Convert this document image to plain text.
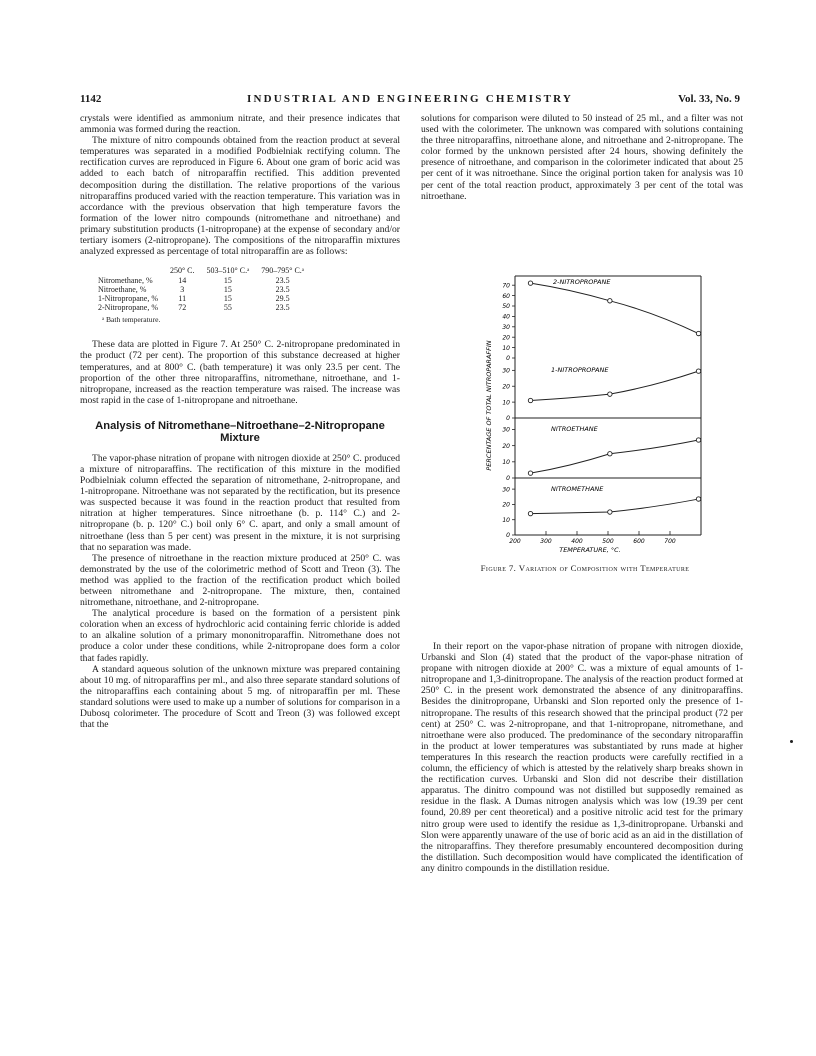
1142	INDUSTRIAL AND ENGINEERING CHEMISTRY	Vol. 33, No. 9

crystals were identified as ammonium nitrate, and their presence indicates that ammonia was formed during the reaction.

The mixture of nitro compounds obtained from the reaction product at several temperatures was separated in a modified Podbielniak rectifying column. The rectification curves are reproduced in Figure 6. About one gram of boric acid was added to each batch of nitroparaffin rectified. This addition prevented decomposition during the distillation. The relative proportions of the various nitroparaffins produced varied with the reaction temperature. This variation was in accordance with the previous observation that high temperature favors the formation of the lower nitro compounds (nitromethane and nitroethane) and primary substitution products (1-nitropropane) at the expense of secondary and/or tertiary isomers (2-nitropropane). The compositions of the nitroparaffin mixtures analyzed expressed as percentage of total nitroparaffin are as follows:

	250° C.	503–510° C.ᵃ	790–795° C.ᵃ
Nitromethane, %	14	15	23.5
Nitroethane, %	3	15	23.5
1-Nitropropane, %	11	15	29.5
2-Nitropropane, %	72	55	23.5
ᵃ Bath temperature.

These data are plotted in Figure 7. At 250° C. 2-nitropropane predominated in the product (72 per cent). The proportion of this substance decreased at higher temperatures, and at 800° C. (bath temperature) it was only 23.5 per cent. The proportion of the other three nitroparaffins, nitromethane, nitroethane, and 1-nitropropane, increased as the reaction temperature was raised. The increase was most rapid in the case of 1-nitropropane and nitroethane.

Analysis of Nitromethane–Nitroethane–2-Nitropropane Mixture

The vapor-phase nitration of propane with nitrogen dioxide at 250° C. produced a mixture of nitroparaffins. The rectification of this mixture in the modified Podbielniak column effected the separation of nitromethane, 2-nitropropane, and 1-nitropropane. Nitroethane was not separated by the rectification, but its presence was suspected because it was found in the reaction product that resulted from nitration at higher temperatures. Since nitroethane (b. p. 114° C.) and 2-nitropropane (b. p. 120° C.) boil only 6° C. apart, and only a small amount of nitroethane (less than 5 per cent) was present in the mixture, it is not surprising that no separation was made.

The presence of nitroethane in the reaction mixture produced at 250° C. was demonstrated by the use of the colorimetric method of Scott and Treon (3). The method was applied to the fraction of the rectification product which boiled between nitromethane and 2-nitropropane. The mixture, then, contained nitromethane, nitroethane, and 2-nitropropane.

The analytical procedure is based on the formation of a persistent pink coloration when an excess of hydrochloric acid containing ferric chloride is added to an alkaline solution of a primary mononitroparaffin. Nitromethane does not produce a color under these conditions, while 2-nitropropane does form a color that fades rapidly.

A standard aqueous solution of the unknown mixture was prepared containing about 10 mg. of nitroparaffins per ml., and also three separate standard solutions of the nitroparaffins each containing about 5 mg. of nitroparaffin per ml. These standard solutions were used to make up a number of solutions for comparison in a Dubosq colorimeter. The procedure of Scott and Treon (3) was followed except that the

solutions for comparison were diluted to 50 instead of 25 ml., and a filter was not used with the colorimeter. The unknown was compared with solutions containing the three nitroparaffins, nitroethane alone, and nitroethane and 2-nitropropane. The color formed by the unknown persisted after 24 hours, showing definitely the presence of nitroethane, and comparison in the colorimeter indicated that about 25 per cent of it was nitroethane. Since the original portion taken for analysis was 10 per cent of the total reaction product, approximately 3 per cent of the total was nitroethane.

0
10
20
30
40
50
60
70	2-NITROPROPANE
0
10
20
30	1-NITROPROPANE
0
10
20
30	NITROETHANE
0
10
20
30	NITROMETHANE
200	300	400	500	600	700
TEMPERATURE, °C.
PERCENTAGE OF TOTAL NITROPARAFFIN
Figure 7. Variation of Composition with Temperature

In their report on the vapor-phase nitration of propane with nitrogen dioxide, Urbanski and Slon (4) stated that the product of the vapor-phase nitration of propane with nitrogen dioxide at 200° C. was a mixture of equal amounts of 1-nitropropane and 1,3-dinitropropane. The analysis of the reaction product formed at 250° C. in the present work demonstrated the absence of any dinitroparaffins. Besides the dinitropropane, Urbanski and Slon reported only the presence of 1-nitropropane. The results of this research showed that the principal product (72 per cent) at 250° C. was 2-nitropropane, and that 1-nitropropane, nitromethane, and nitroethane were also produced. The predominance of the secondary nitroparaffin in the product at lower temperatures was substantiated by runs made at higher temperatures In this research the reaction products were carefully rectified in a column, the efficiency of which is attested by the relatively sharp breaks shown in the rectification curves. Urbanski and Slon did not describe their distillation apparatus. The dinitro compound was not distilled but supposedly remained as residue in the flask. A Dumas nitrogen analysis which was low (19.39 per cent found, 20.89 per cent theoretical) and a positive nitrolic acid test for the primary nitro group were used to identify the residue as 1,3-dinitropropane. Urbanski and Slon were apparently unaware of the use of boric acid as an aid in the distillation of the nitroparaffins. They therefore presumably encountered decomposition during the distillation. Such decomposition would have complicated the identification of any dinitro compounds in the distillation residue.
